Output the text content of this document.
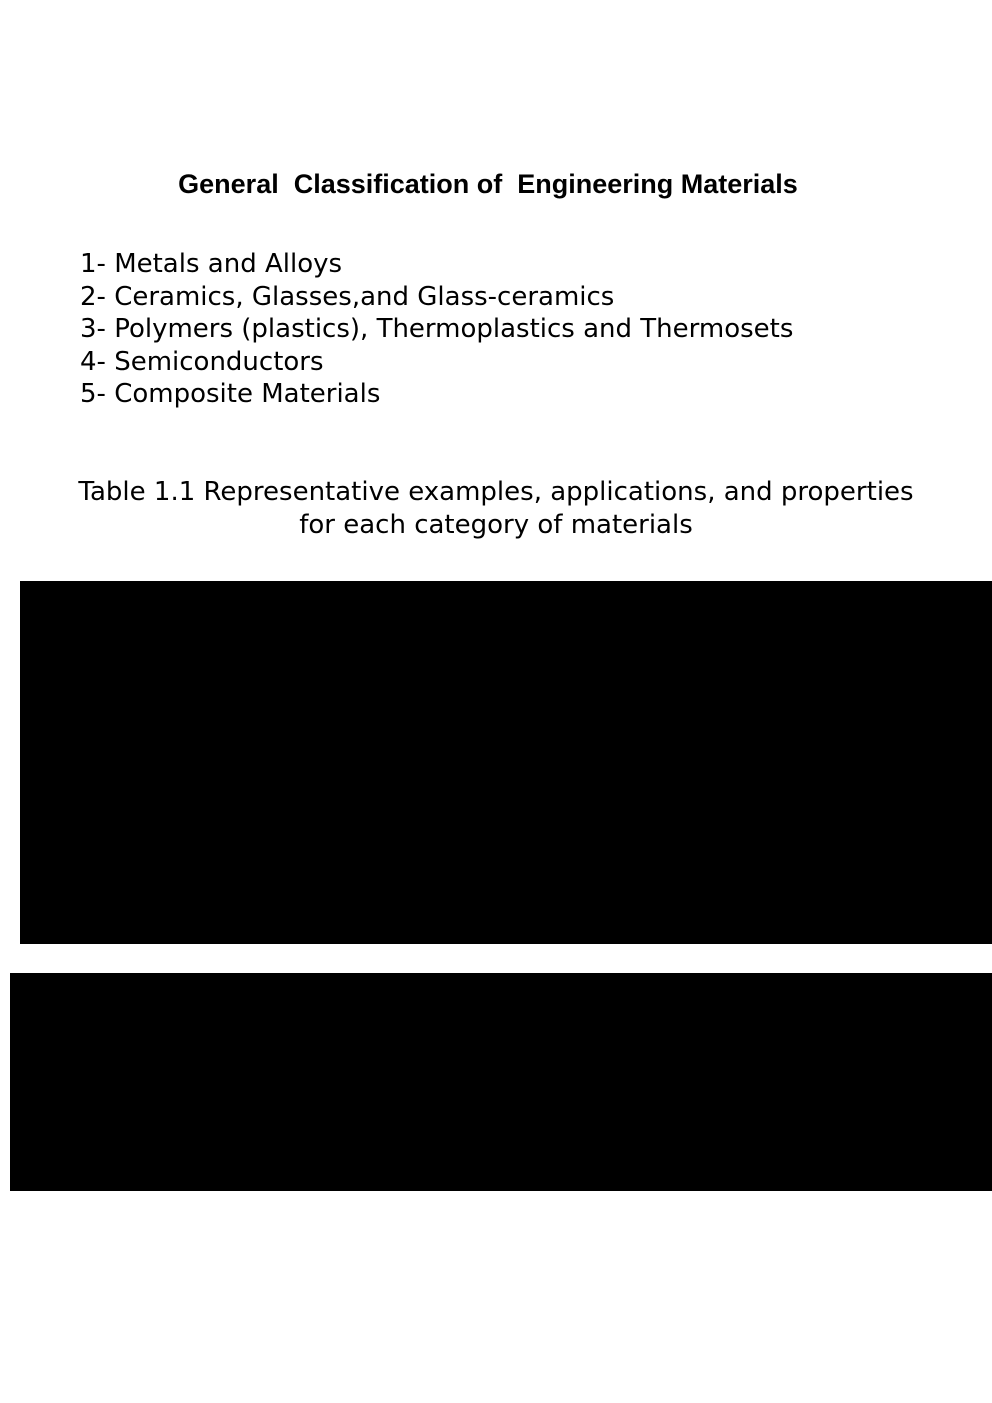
General  Classification of  Engineering Materials
1- Metals and Alloys
2- Ceramics, Glasses,and Glass-ceramics
3- Polymers (plastics), Thermoplastics and Thermosets
4- Semiconductors
5- Composite Materials

Table 1.1 Representative examples, applications, and properties
for each category of materials
